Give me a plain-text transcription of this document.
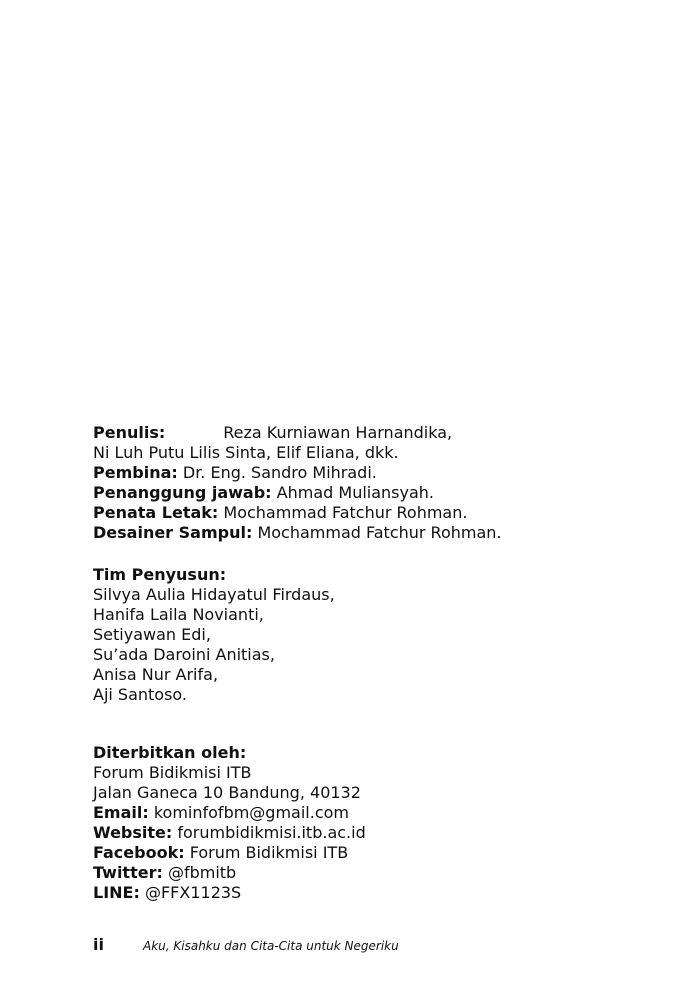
Penulis:	Reza Kurniawan Harnandika,
Ni Luh Putu Lilis Sinta, Elif Eliana, dkk.
Pembina: Dr. Eng. Sandro Mihradi.
Penanggung jawab: Ahmad Muliansyah.
Penata Letak: Mochammad Fatchur Rohman.
Desainer Sampul: Mochammad Fatchur Rohman.
Tim Penyusun:
Silvya Aulia Hidayatul Firdaus,
Hanifa Laila Novianti,
Setiyawan Edi,
Su’ada Daroini Anitias,
Anisa Nur Arifa,
Aji Santoso.
Diterbitkan oleh:
Forum Bidikmisi ITB
Jalan Ganeca 10 Bandung, 40132
Email: kominfofbm@gmail.com
Website: forumbidikmisi.itb.ac.id
Facebook: Forum Bidikmisi ITB
Twitter: @fbmitb
LINE: @FFX1123S
ii	Aku, Kisahku dan Cita-Cita untuk Negeriku
